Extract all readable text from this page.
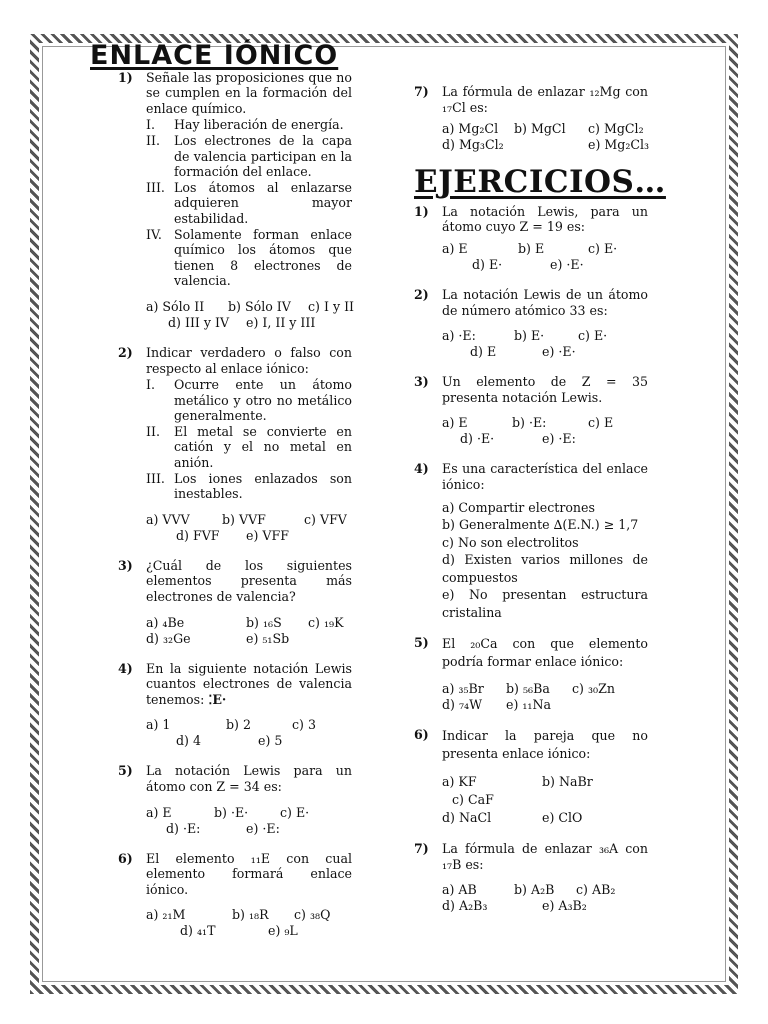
ENLACE IÓNICO
1) Señale las proposiciones que no se cumplen en la formación del enlace químico.
I. Hay liberación de energía.
II. Los electrones de la capa de valencia participan en la formación del enlace.
III. Los átomos al enlazarse adquieren mayor estabilidad.
IV. Solamente forman enlace químico los átomos que tienen 8 electrones de valencia.
a) Sólo II b) Sólo IV c) I y II
d) III y IV e) I, II y III
2) Indicar verdadero o falso con respecto al enlace iónico:
I. Ocurre ente un átomo metálico y otro no metálico generalmente.
II. El metal se convierte en catión y el no metal en anión.
III. Los iones enlazados son inestables.
a) VVV	b) VVF	c) VFV
d) FVF e) VFF
3) ¿Cuál de los siguientes elementos presenta más electrones de valencia?
a) ₄Be	b) ₁₆S c) ₁₉K
d) ₃₂Ge	e) ₅₁Sb
4) En la siguiente notación Lewis cuantos electrones de valencia tenemos: ⁚E·
a) 1	b) 2	c) 3
d) 4	e) 5
5) La notación Lewis para un átomo con Z = 34 es:
a) E	b) ·E·	c) E·
d) ·E:	e) ·E:
6) El elemento ₁₁E con cual elemento formará enlace iónico.
a) ₂₁M	b) ₁₈R c) ₃₈Q
d) ₄₁T	e) ₉L
7) La fórmula de enlazar ₁₂Mg con ₁₇Cl es:
a) Mg₂Cl b) MgCl c) MgCl₂
d) Mg₃Cl₂	e) Mg₂Cl₃
EJERCICIOS…
1) La notación Lewis, para un átomo cuyo Z = 19 es:
a) E	b) E	c) E·
d) E·	e) ·E·
2) La notación Lewis de un átomo de número atómico 33 es:
a) ·E:	b) E·	c) E·
d) E	e) ·E·
3) Un elemento de Z = 35 presenta notación Lewis.
a) E	b) ·E:	c) E
d) ·E·	e) ·E:
4) Es una característica del enlace iónico:
a) Compartir electrones
b) Generalmente ∆(E.N.) ≥ 1,7
c) No son electrolitos
d) Existen varios millones de compuestos
e) No presentan estructura cristalina
5) El ₂₀Ca con que elemento podría formar enlace iónico:
a) ₃₅Br b) ₅₆Ba c) ₃₀Zn
d) ₇₄W e) ₁₁Na
6) Indicar la pareja que no presenta enlace iónico:
a) KF	b) NaBr
c) CaF
d) NaCl	e) ClO
7) La fórmula de enlazar ₃₆A con ₁₇B es:
a) AB	b) A₂B c) AB₂
d) A₂B₃	e) A₃B₂
